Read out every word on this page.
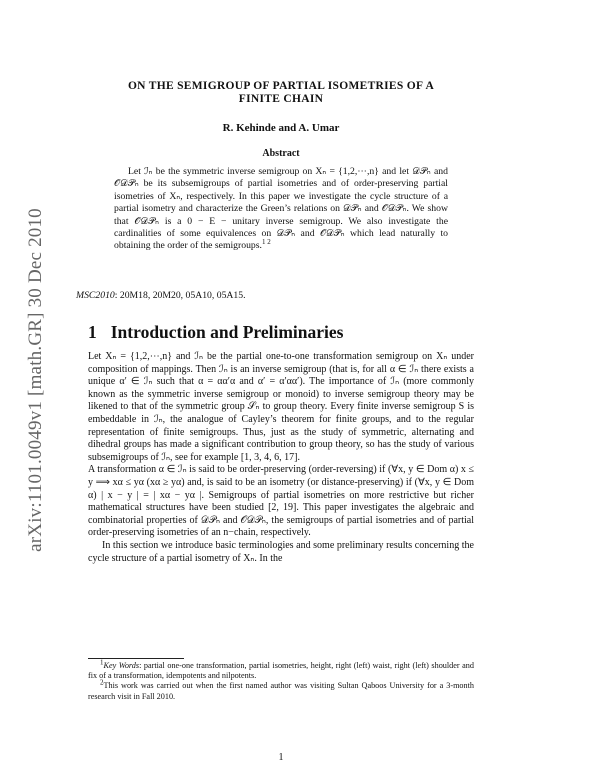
arXiv:1101.0049v1 [math.GR] 30 Dec 2010
ON THE SEMIGROUP OF PARTIAL ISOMETRIES OF A
FINITE CHAIN
R. Kehinde and A. Umar
Abstract
Let ℐₙ be the symmetric inverse semigroup on Xₙ = {1,2,⋯,n} and let 𝒟𝒫ₙ and 𝒪𝒟𝒫ₙ be its subsemigroups of partial isometries and of order-preserving partial isometries of Xₙ, respectively. In this paper we investigate the cycle structure of a partial isometry and characterize the Green’s relations on 𝒟𝒫ₙ and 𝒪𝒟𝒫ₙ. We show that 𝒪𝒟𝒫ₙ is a 0 − E − unitary inverse semigroup. We also investigate the cardinalities of some equivalences on 𝒟𝒫ₙ and 𝒪𝒟𝒫ₙ which lead naturally to obtaining the order of the semigroups.$^{1 2}$
MSC2010: 20M18, 20M20, 05A10, 05A15.
1 Introduction and Preliminaries

Let Xₙ = {1,2,⋯,n} and ℐₙ be the partial one-to-one transformation semigroup on Xₙ under composition of mappings. Then ℐₙ is an inverse semigroup (that is, for all α ∈ ℐₙ there exists a unique α′ ∈ ℐₙ such that α = αα′α and α′ = α′αα′). The importance of ℐₙ (more commonly known as the symmetric inverse semigroup or monoid) to inverse semigroup theory may be likened to that of the symmetric group 𝒮ₙ to group theory. Every finite inverse semigroup S is embeddable in ℐₙ, the analogue of Cayley’s theorem for finite groups, and to the regular representation of finite semigroups. Thus, just as the study of symmetric, alternating and dihedral groups has made a significant contribution to group theory, so has the study of various subsemigroups of ℐₙ, see for example [1, 3, 4, 6, 17].

A transformation α ∈ ℐₙ is said to be order-preserving (order-reversing) if (∀x, y ∈ Dom α) x ≤ y ⟹ xα ≤ yα (xα ≥ yα) and, is said to be an isometry (or distance-preserving) if (∀x, y ∈ Dom α) | x − y | = | xα − yα |. Semigroups of partial isometries on more restrictive but richer mathematical structures have been studied [2, 19]. This paper investigates the algebraic and combinatorial properties of 𝒟𝒫ₙ and 𝒪𝒟𝒫ₙ, the semigroups of partial isometries and of partial order-preserving isometries of an n−chain, respectively.

In this section we introduce basic terminologies and some preliminary results concerning the cycle structure of a partial isometry of Xₙ. In the

$^1$Key Words: partial one-one transformation, partial isometries, height, right (left) waist, right (left) shoulder and fix of a transformation, idempotents and nilpotents.

$^2$This work was carried out when the first named author was visiting Sultan Qaboos University for a 3-month research visit in Fall 2010.

1
